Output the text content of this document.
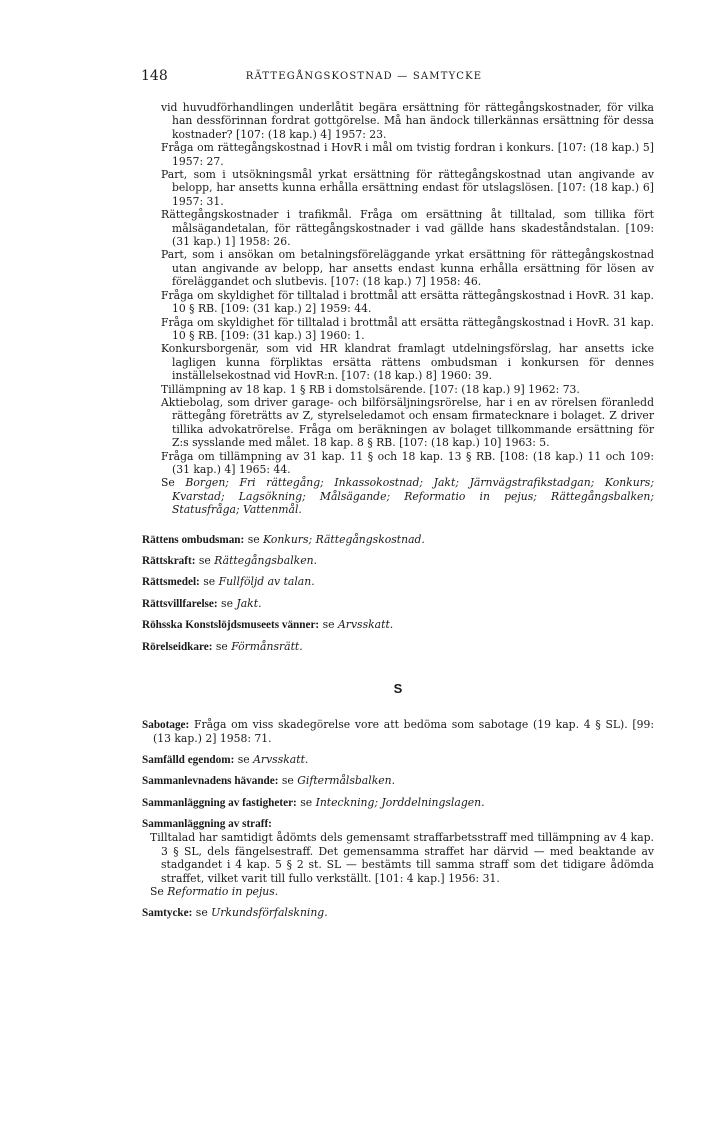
148	RÄTTEGÅNGSKOSTNAD — SAMTYCKE

vid huvudförhandlingen underlåtit begära ersättning för rättegångskostnader, för vilka han dessförinnan fordrat gottgörelse. Må han ändock tillerkännas ersättning för dessa kostnader? [107: (18 kap.) 4] 1957: 23.

Fråga om rättegångskostnad i HovR i mål om tvistig fordran i konkurs. [107: (18 kap.) 5] 1957: 27.

Part, som i utsökningsmål yrkat ersättning för rättegångskostnad utan angivande av belopp, har ansetts kunna erhålla ersättning endast för utslagslösen. [107: (18 kap.) 6] 1957: 31.

Rättegångskostnader i trafikmål. Fråga om ersättning åt tilltalad, som tillika fört målsägandetalan, för rättegångskostnader i vad gällde hans skadeståndstalan. [109: (31 kap.) 1] 1958: 26.

Part, som i ansökan om betalningsföreläggande yrkat ersättning för rättegångskostnad utan angivande av belopp, har ansetts endast kunna erhålla ersättning för lösen av föreläggandet och slutbevis. [107: (18 kap.) 7] 1958: 46.

Fråga om skyldighet för tilltalad i brottmål att ersätta rättegångskostnad i HovR. 31 kap. 10 § RB. [109: (31 kap.) 2] 1959: 44.

Fråga om skyldighet för tilltalad i brottmål att ersätta rättegångskostnad i HovR. 31 kap. 10 § RB. [109: (31 kap.) 3] 1960: 1.

Konkursborgenär, som vid HR klandrat framlagt utdelningsförslag, har ansetts icke lagligen kunna förpliktas ersätta rättens ombudsman i konkursen för dennes inställelsekostnad vid HovR:n. [107: (18 kap.) 8] 1960: 39.

Tillämpning av 18 kap. 1 § RB i domstolsärende. [107: (18 kap.) 9] 1962: 73.

Aktiebolag, som driver garage- och bilförsäljningsrörelse, har i en av rörelsen föranledd rättegång företrätts av Z, styrelseledamot och ensam firmatecknare i bolaget. Z driver tillika advokatrörelse. Fråga om beräkningen av bolaget tillkommande ersättning för Z:s sysslande med målet. 18 kap. 8 § RB. [107: (18 kap.) 10] 1963: 5.

Fråga om tillämpning av 31 kap. 11 § och 18 kap. 13 § RB. [108: (18 kap.) 11 och 109: (31 kap.) 4] 1965: 44.

Se Borgen; Fri rättegång; Inkassokostnad; Jakt; Järnvägstrafikstadgan; Konkurs; Kvarstad; Lagsökning; Målsägande; Reformatio in pejus; Rättegångsbalken; Statusfråga; Vattenmål.

Rättens ombudsman: se Konkurs; Rättegångskostnad.

Rättskraft: se Rättegångsbalken.

Rättsmedel: se Fullföljd av talan.

Rättsvillfarelse: se Jakt.

Röhsska Konstslöjdsmuseets vänner: se Arvsskatt.

Rörelseidkare: se Förmånsrätt.

S

Sabotage: Fråga om viss skadegörelse vore att bedöma som sabotage (19 kap. 4 § SL). [99: (13 kap.) 2] 1958: 71.

Samfälld egendom: se Arvsskatt.

Sammanlevnadens hävande: se Giftermålsbalken.

Sammanläggning av fastigheter: se Inteckning; Jorddelningslagen.

Sammanläggning av straff:

Tilltalad har samtidigt ådömts dels gemensamt straffarbetsstraff med tillämpning av 4 kap. 3 § SL, dels fängelsestraff. Det gemensamma straffet har därvid — med beaktande av stadgandet i 4 kap. 5 § 2 st. SL — bestämts till samma straff som det tidigare ådömda straffet, vilket varit till fullo verkställt. [101: 4 kap.] 1956: 31.

Se Reformatio in pejus.

Samtycke: se Urkundsförfalskning.
